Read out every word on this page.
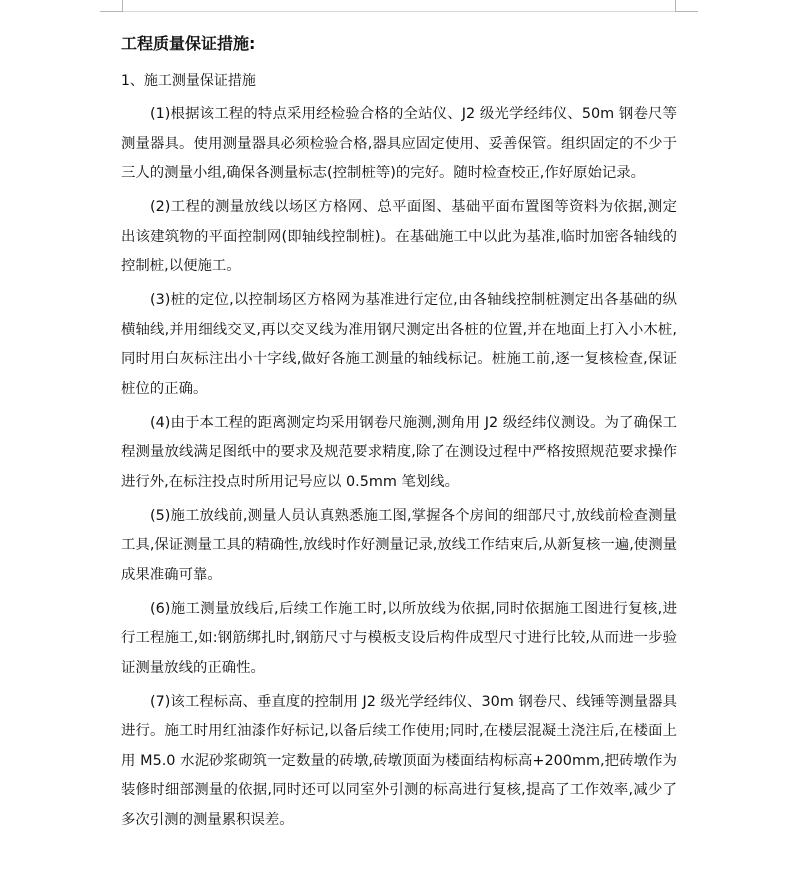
工程质量保证措施:
1、施工测量保证措施

(1)根据该工程的特点采用经检验合格的全站仪、J2 级光学经纬仪、50m 钢卷尺等测量器具。使用测量器具必须检验合格,器具应固定使用、妥善保管。组织固定的不少于三人的测量小组,确保各测量标志(控制桩等)的完好。随时检查校正,作好原始记录。

(2)工程的测量放线以场区方格网、总平面图、基础平面布置图等资料为依据,测定出该建筑物的平面控制网(即轴线控制桩)。在基础施工中以此为基准,临时加密各轴线的控制桩,以便施工。

(3)桩的定位,以控制场区方格网为基准进行定位,由各轴线控制桩测定出各基础的纵横轴线,并用细线交叉,再以交叉线为准用钢尺测定出各桩的位置,并在地面上打入小木桩,同时用白灰标注出小十字线,做好各施工测量的轴线标记。桩施工前,逐一复核检查,保证桩位的正确。

(4)由于本工程的距离测定均采用钢卷尺施测,测角用 J2 级经纬仪测设。为了确保工程测量放线满足图纸中的要求及规范要求精度,除了在测设过程中严格按照规范要求操作进行外,在标注投点时所用记号应以 0.5mm 笔划线。

(5)施工放线前,测量人员认真熟悉施工图,掌握各个房间的细部尺寸,放线前检查测量工具,保证测量工具的精确性,放线时作好测量记录,放线工作结束后,从新复核一遍,使测量成果准确可靠。

(6)施工测量放线后,后续工作施工时,以所放线为依据,同时依据施工图进行复核,进行工程施工,如:钢筋绑扎时,钢筋尺寸与模板支设后构件成型尺寸进行比较,从而进一步验证测量放线的正确性。

(7)该工程标高、垂直度的控制用 J2 级光学经纬仪、30m 钢卷尺、线锤等测量器具进行。施工时用红油漆作好标记,以备后续工作使用;同时,在楼层混凝土浇注后,在楼面上用 M5.0 水泥砂浆砌筑一定数量的砖墩,砖墩顶面为楼面结构标高+200mm,把砖墩作为装修时细部测量的依据,同时还可以同室外引测的标高进行复核,提高了工作效率,减少了多次引测的测量累积误差。
